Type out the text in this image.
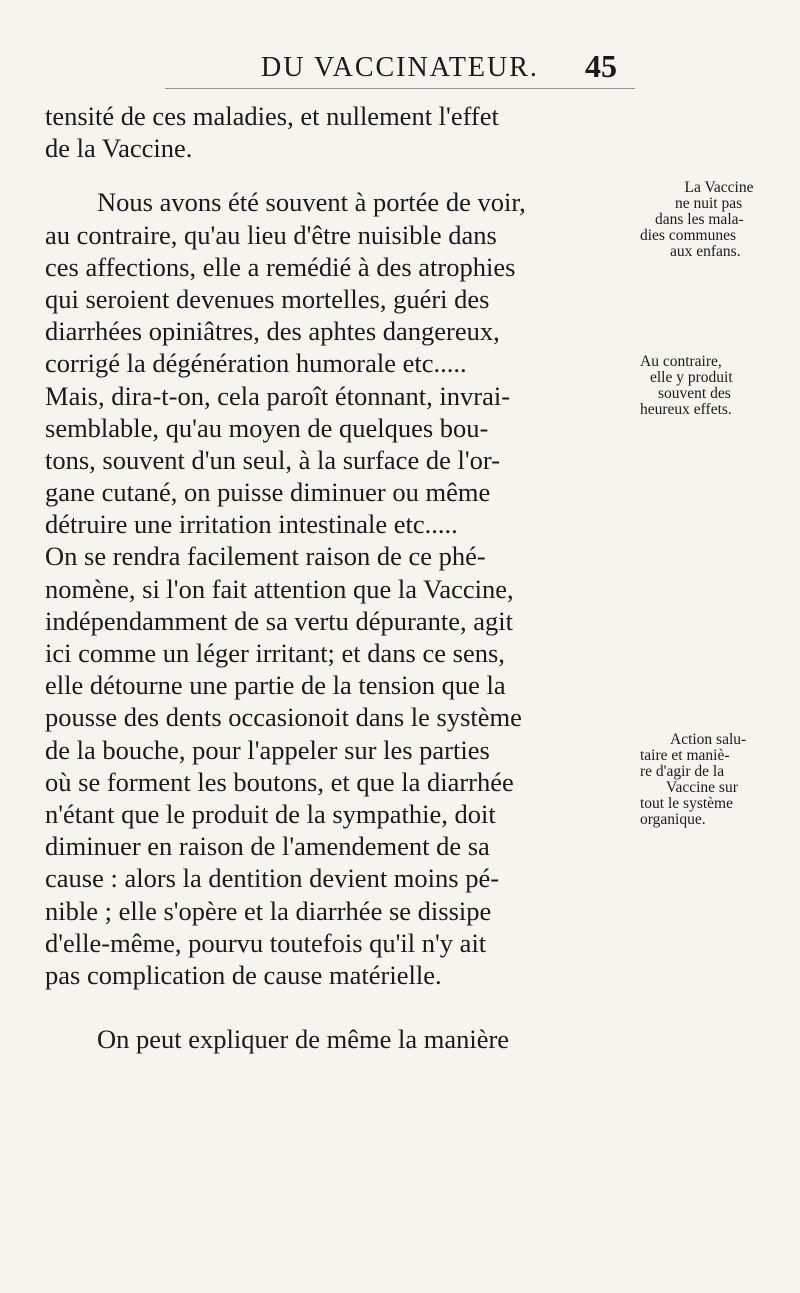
DU VACCINATEUR.	45
tensité de ces maladies, et nullement l'effet
de la Vaccine.
Nous avons été souvent à portée de voir,
au contraire, qu'au lieu d'être nuisible dans
ces affections, elle a remédié à des atrophies
qui seroient devenues mortelles, guéri des
diarrhées opiniâtres, des aphtes dangereux,
corrigé la dégénération humorale etc.....
Mais, dira-t-on, cela paroît étonnant, invrai-
semblable, qu'au moyen de quelques bou-
tons, souvent d'un seul, à la surface de l'or-
gane cutané, on puisse diminuer ou même
détruire une irritation intestinale etc.....
On se rendra facilement raison de ce phé-
nomène, si l'on fait attention que la Vaccine,
indépendamment de sa vertu dépurante, agit
ici comme un léger irritant; et dans ce sens,
elle détourne une partie de la tension que la
pousse des dents occasionoit dans le système
de la bouche, pour l'appeler sur les parties
où se forment les boutons, et que la diarrhée
n'étant que le produit de la sympathie, doit
diminuer en raison de l'amendement de sa
cause : alors la dentition devient moins pé-
nible ; elle s'opère et la diarrhée se dissipe
d'elle-même, pourvu toutefois qu'il n'y ait
pas complication de cause matérielle.
On peut expliquer de même la manière
La Vaccine
ne nuit pas
dans les mala-
dies communes
aux enfans.
Au contraire,
elle y produit
souvent des
heureux effets.
Action salu-
taire et maniè-
re d'agir de la
Vaccine sur
tout le système
organique.
